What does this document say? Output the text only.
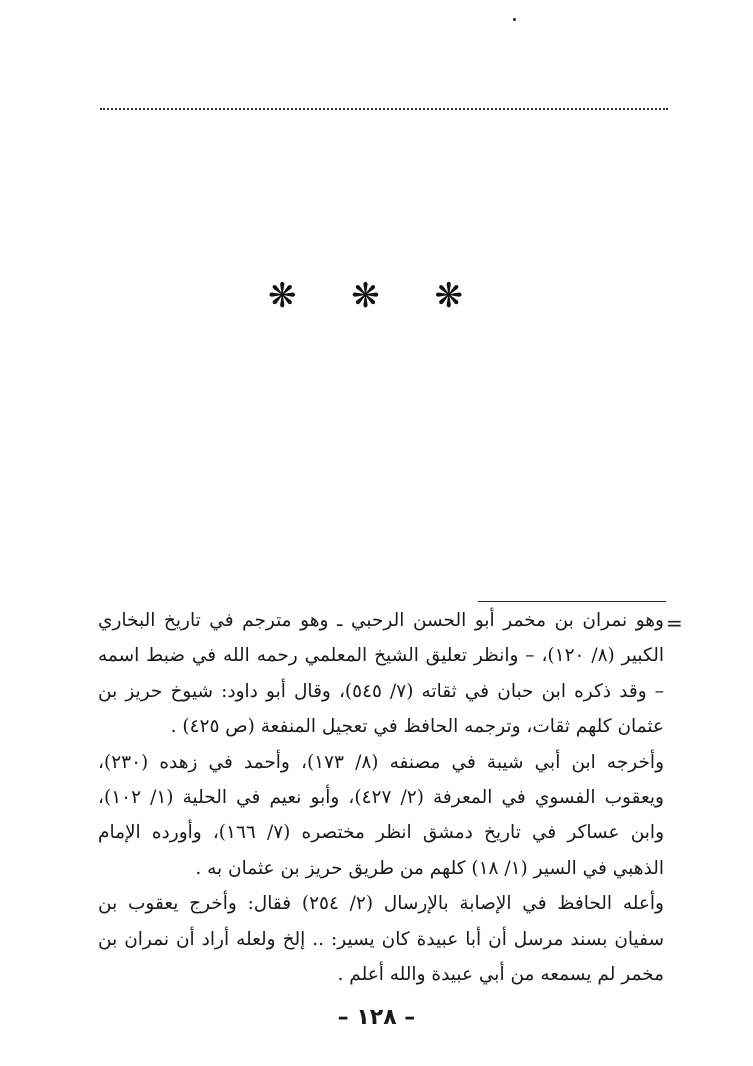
❋ ❋ ❋
=

وهو نمران بن مخمر أبو الحسن الرحبي ـ وهو مترجم في تاريخ البخاري الكبير (٨/ ١٢٠)، – وانظر تعليق الشيخ المعلمي رحمه الله في ضبط اسمه – وقد ذكره ابن حبان في ثقاته (٧/ ٥٤٥)، وقال أبو داود: شيوخ حريز بن عثمان كلهم ثقات، وترجمه الحافظ في تعجيل المنفعة (ص ٤٢٥) .

وأخرجه ابن أبي شيبة في مصنفه (٨/ ١٧٣)، وأحمد في زهده (٢٣٠)، ويعقوب الفسوي في المعرفة (٢/ ٤٢٧)، وأبو نعيم في الحلية (١/ ١٠٢)، وابن عساكر في تاريخ دمشق انظر مختصره (٧/ ١٦٦)، وأورده الإمام الذهبي في السير (١/ ١٨) كلهم من طريق حريز بن عثمان به .

وأعله الحافظ في الإصابة بالإرسال (٢/ ٢٥٤) فقال: وأخرج يعقوب بن سفيان بسند مرسل أن أبا عبيدة كان يسير: .. إلخ ولعله أراد أن نمران بن مخمر لم يسمعه من أبي عبيدة والله أعلم .

– ١٢٨ –
